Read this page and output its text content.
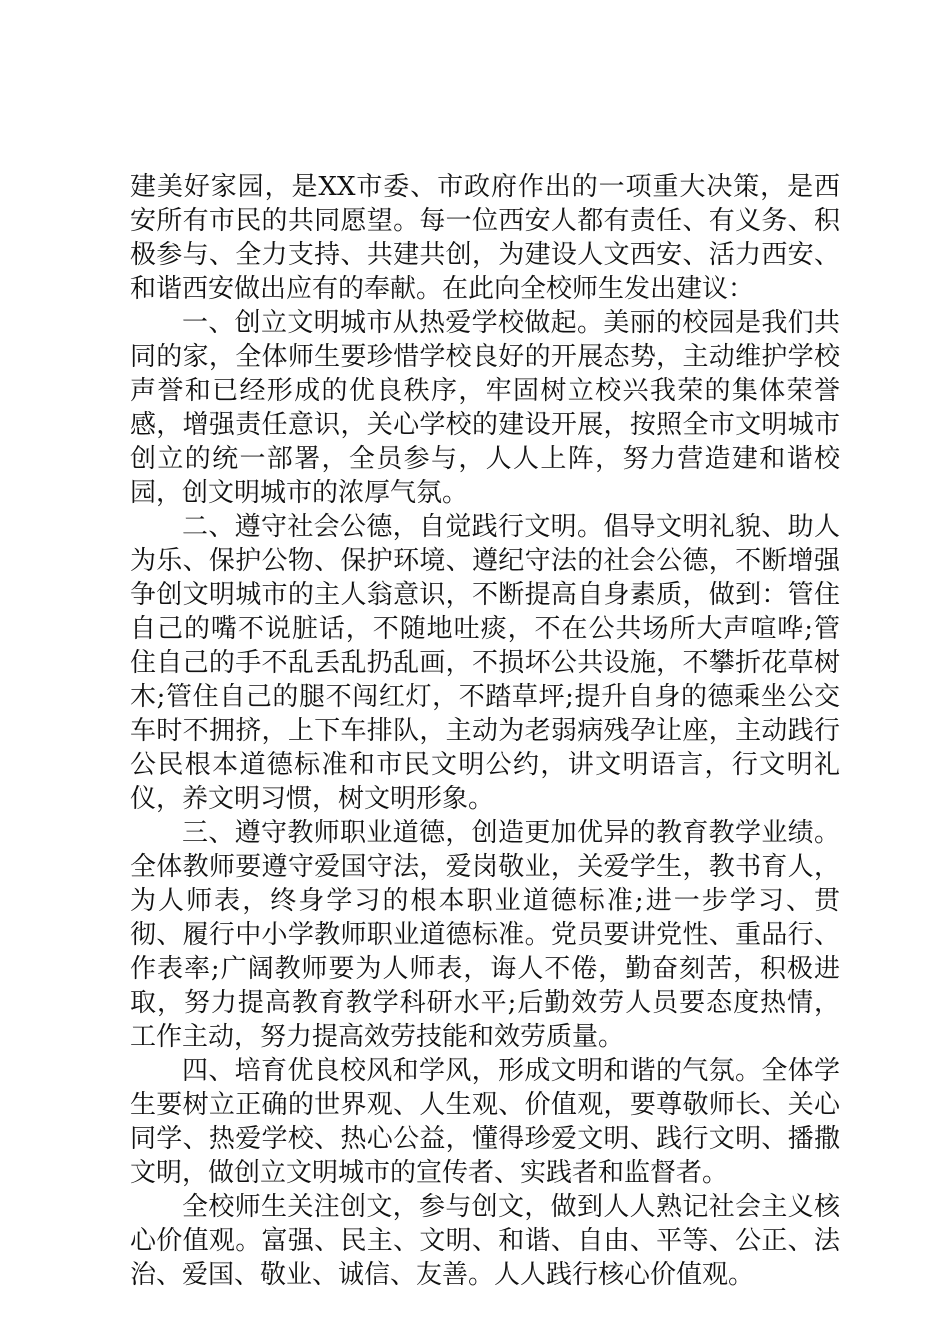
建美好家园，是XX市委、市政府作出的一项重大决策，是西安所有市民的共同愿望。每一位西安人都有责任、有义务、积极参与、全力支持、共建共创，为建设人文西安、活力西安、和谐西安做出应有的奉献。在此向全校师生发出建议：

一、创立文明城市从热爱学校做起。美丽的校园是我们共同的家，全体师生要珍惜学校良好的开展态势，主动维护学校声誉和已经形成的优良秩序，牢固树立校兴我荣的集体荣誉感，增强责任意识，关心学校的建设开展，按照全市文明城市创立的统一部署，全员参与，人人上阵，努力营造建和谐校园，创文明城市的浓厚气氛。

二、遵守社会公德，自觉践行文明。倡导文明礼貌、助人为乐、保护公物、保护环境、遵纪守法的社会公德，不断增强争创文明城市的主人翁意识，不断提高自身素质，做到：管住自己的嘴不说脏话，不随地吐痰，不在公共场所大声喧哗;管住自己的手不乱丢乱扔乱画，不损坏公共设施，不攀折花草树木;管住自己的腿不闯红灯，不踏草坪;提升自身的德乘坐公交车时不拥挤，上下车排队，主动为老弱病残孕让座，主动践行公民根本道德标准和市民文明公约，讲文明语言，行文明礼仪，养文明习惯，树文明形象。

三、遵守教师职业道德，创造更加优异的教育教学业绩。全体教师要遵守爱国守法，爱岗敬业，关爱学生，教书育人，为人师表，终身学习的根本职业道德标准;进一步学习、贯彻、履行中小学教师职业道德标准。党员要讲党性、重品行、作表率;广阔教师要为人师表，诲人不倦，勤奋刻苦，积极进取，努力提高教育教学科研水平;后勤效劳人员要态度热情，工作主动，努力提高效劳技能和效劳质量。

四、培育优良校风和学风，形成文明和谐的气氛。全体学生要树立正确的世界观、人生观、价值观，要尊敬师长、关心同学、热爱学校、热心公益，懂得珍爱文明、践行文明、播撒文明，做创立文明城市的宣传者、实践者和监督者。

全校师生关注创文，参与创文，做到人人熟记社会主义核心价值观。富强、民主、文明、和谐、自由、平等、公正、法治、爱国、敬业、诚信、友善。人人践行核心价值观。
